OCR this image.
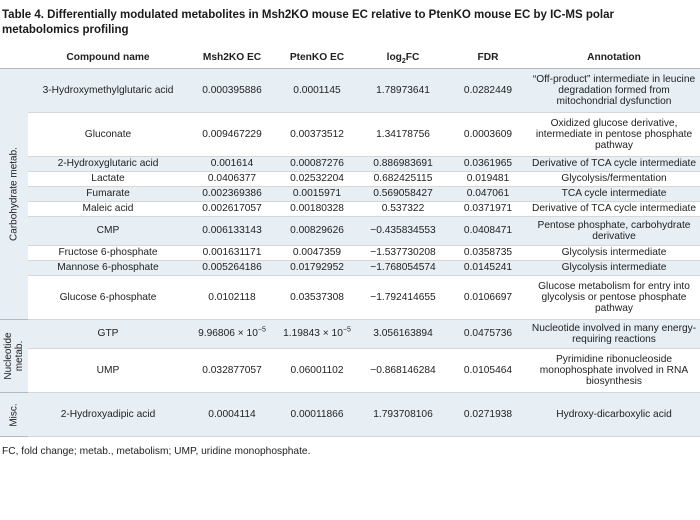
Table 4. Differentially modulated metabolites in Msh2KO mouse EC relative to PtenKO mouse EC by IC-MS polar metabolomics profiling
	Compound name	Msh2KO EC	PtenKO EC	$\log_2FC$	FDR	Annotation

Carbohydrate metab.	3-Hydroxymethylglutaric acid	0.000395886	0.0001145	1.78973641	0.0282449	“Off-product” intermediate in leucine degradation formed from mitochondrial dysfunction
	Gluconate	0.009467229	0.00373512	1.34178756	0.0003609	Oxidized glucose derivative, intermediate in pentose phosphate pathway
	2-Hydroxyglutaric acid	0.001614	0.00087276	0.886983691	0.0361965	Derivative of TCA cycle intermediate
	Lactate	0.0406377	0.02532204	0.682425115	0.019481	Glycolysis/fermentation
	Fumarate	0.002369386	0.0015971	0.569058427	0.047061	TCA cycle intermediate
	Maleic acid	0.002617057	0.00180328	0.537322	0.0371971	Derivative of TCA cycle intermediate
	CMP	0.006133143	0.00829626	−0.435834553	0.0408471	Pentose phosphate, carbohydrate derivative
	Fructose 6-phosphate	0.001631171	0.0047359	−1.537730208	0.0358735	Glycolysis intermediate
	Mannose 6-phosphate	0.005264186	0.01792952	−1.768054574	0.0145241	Glycolysis intermediate
	Glucose 6-phosphate	0.0102118	0.03537308	−1.792414655	0.0106697	Glucose metabolism for entry into glycolysis or pentose phosphate pathway

Nucleotide metab.	GTP	$9.96806 \times 10^{-5}$	$1.19843 \times 10^{-5}$	3.056163894	0.0475736	Nucleotide involved in many energy-requiring reactions
	UMP	0.032877057	0.06001102	−0.868146284	0.0105464	Pyrimidine ribonucleoside monophosphate involved in RNA biosynthesis

Misc.	2-Hydroxyadipic acid	0.0004114	0.00011866	1.793708106	0.0271938	Hydroxy-dicarboxylic acid
FC, fold change; metab., metabolism; UMP, uridine monophosphate.
